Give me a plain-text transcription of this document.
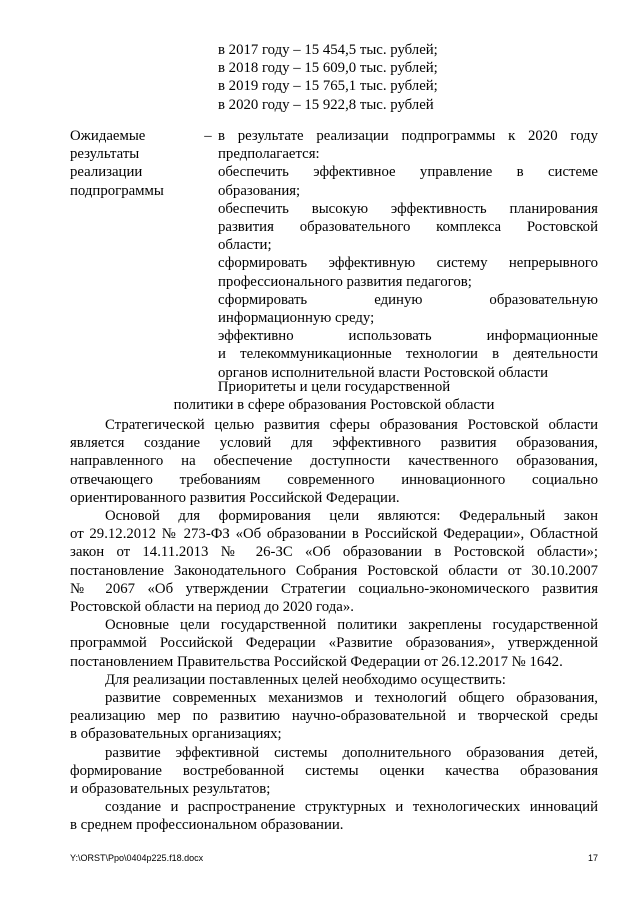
в 2017 году – 15 454,5 тыс. рублей;
в 2018 году – 15 609,0 тыс. рублей;
в 2019 году – 15 765,1 тыс. рублей;
в 2020 году – 15 922,8 тыс. рублей
Ожидаемые
результаты
реализации
подпрограммы
– в результате реализации подпрограммы к 2020 году
предполагается:
обеспечить эффективное управление в системе
образования;
обеспечить высокую эффективность планирования
развития образовательного комплекса Ростовской
области;
сформировать эффективную систему непрерывного
профессионального развития педагогов;
сформировать единую образовательную
информационную среду;
эффективно использовать информационные
и телекоммуникационные технологии в деятельности
органов исполнительной власти Ростовской области
Приоритеты и цели государственной
политики в сфере образования Ростовской области
Стратегической целью развития сферы образования Ростовской области
является создание условий для эффективного развития образования,
направленного на обеспечение доступности качественного образования,
отвечающего требованиям современного инновационного социально
ориентированного развития Российской Федерации.
Основой для формирования цели являются: Федеральный закон
от 29.12.2012 № 273-ФЗ «Об образовании в Российской Федерации», Областной
закон от 14.11.2013 № 26-ЗС «Об образовании в Ростовской области»;
постановление Законодательного Собрания Ростовской области от 30.10.2007
№ 2067 «Об утверждении Стратегии социально-экономического развития
Ростовской области на период до 2020 года».
Основные цели государственной политики закреплены государственной
программой Российской Федерации «Развитие образования», утвержденной
постановлением Правительства Российской Федерации от 26.12.2017 № 1642.
Для реализации поставленных целей необходимо осуществить:
развитие современных механизмов и технологий общего образования,
реализацию мер по развитию научно-образовательной и творческой среды
в образовательных организациях;
развитие эффективной системы дополнительного образования детей,
формирование востребованной системы оценки качества образования
и образовательных результатов;
создание и распространение структурных и технологических инноваций
в среднем профессиональном образовании.
Y:\ORST\Ppo\0404p225.f18.docx	17
